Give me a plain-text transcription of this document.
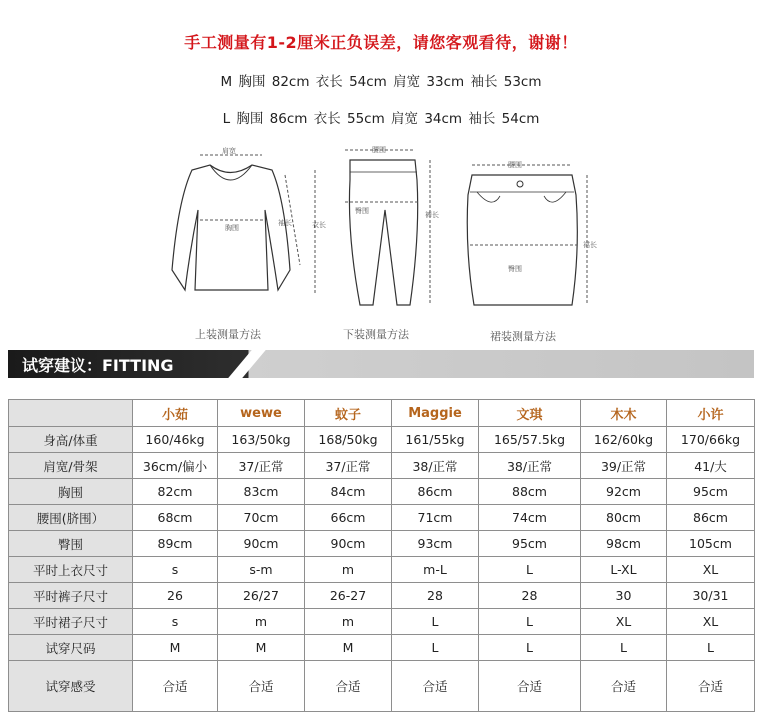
手工测量有1-2厘米正负误差，请您客观看待，谢谢！
M 胸围 82cm 衣长 54cm 肩宽 33cm 袖长 53cm
L 胸围 86cm 衣长 55cm 肩宽 34cm 袖长 54cm
肩宽
胸围
袖长	衣长
上装测量方法
腰围
臀围	裤长
下装测量方法
腰围
臀围
裙长
裙装测量方法
试穿建议：FITTING
	小茹	wewe	蚊子	Maggie	文琪	木木	小许
身高/体重	160/46kg	163/50kg	168/50kg	161/55kg	165/57.5kg	162/60kg	170/66kg
肩宽/骨架	36cm/偏小	37/正常	37/正常	38/正常	38/正常	39/正常	41/大
胸围	82cm	83cm	84cm	86cm	88cm	92cm	95cm
腰围(脐围）	68cm	70cm	66cm	71cm	74cm	80cm	86cm
臀围	89cm	90cm	90cm	93cm	95cm	98cm	105cm
平时上衣尺寸	s	s-m	m	m-L	L	L-XL	XL
平时裤子尺寸	26	26/27	26-27	28	28	30	30/31
平时裙子尺寸	s	m	m	L	L	XL	XL
试穿尺码	M	M	M	L	L	L	L
试穿感受	合适	合适	合适	合适	合适	合适	合适
